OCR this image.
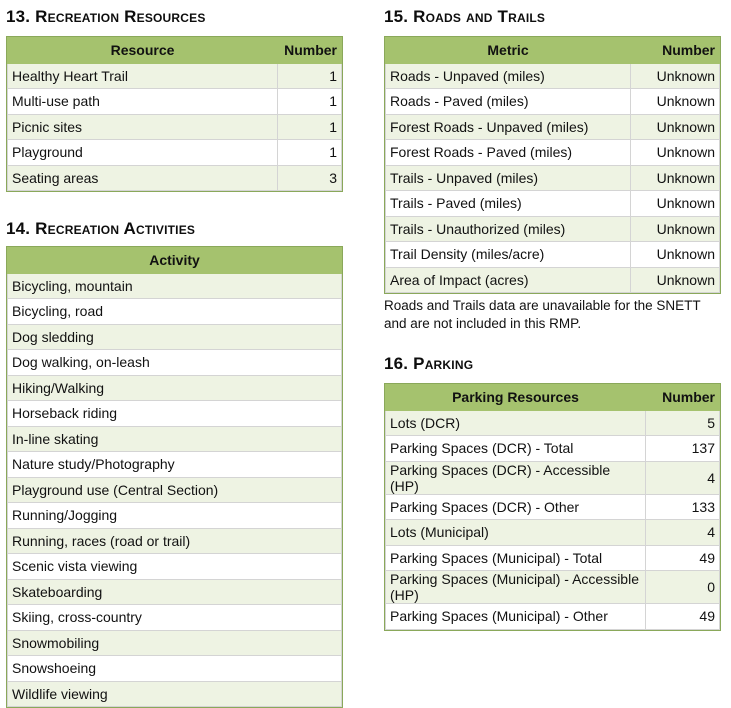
13. Recreation Resources
Resource	Number
Healthy Heart Trail	1
Multi-use path	1
Picnic sites	1
Playground	1
Seating areas	3
14. Recreation Activities
Activity
Bicycling, mountain
Bicycling, road
Dog sledding
Dog walking, on-leash
Hiking/Walking
Horseback riding
In-line skating
Nature study/Photography
Playground use (Central Section)
Running/Jogging
Running, races (road or trail)
Scenic vista viewing
Skateboarding
Skiing, cross-country
Snowmobiling
Snowshoeing
Wildlife viewing
15. Roads and Trails
Metric	Number
Roads - Unpaved (miles)	Unknown
Roads - Paved (miles)	Unknown
Forest Roads - Unpaved (miles)	Unknown
Forest Roads - Paved (miles)	Unknown
Trails - Unpaved (miles)	Unknown
Trails - Paved (miles)	Unknown
Trails - Unauthorized (miles)	Unknown
Trail Density (miles/acre)	Unknown
Area of Impact (acres)	Unknown
Roads and Trails data are unavailable for the SNETT and are not included in this RMP.
16. Parking
Parking Resources	Number
Lots (DCR)	5
Parking Spaces (DCR) - Total	137
Parking Spaces (DCR) - Accessible (HP)	4
Parking Spaces (DCR) - Other	133
Lots (Municipal)	4
Parking Spaces (Municipal) - Total	49
Parking Spaces (Municipal) - Accessible (HP)	0
Parking Spaces (Municipal) - Other	49
